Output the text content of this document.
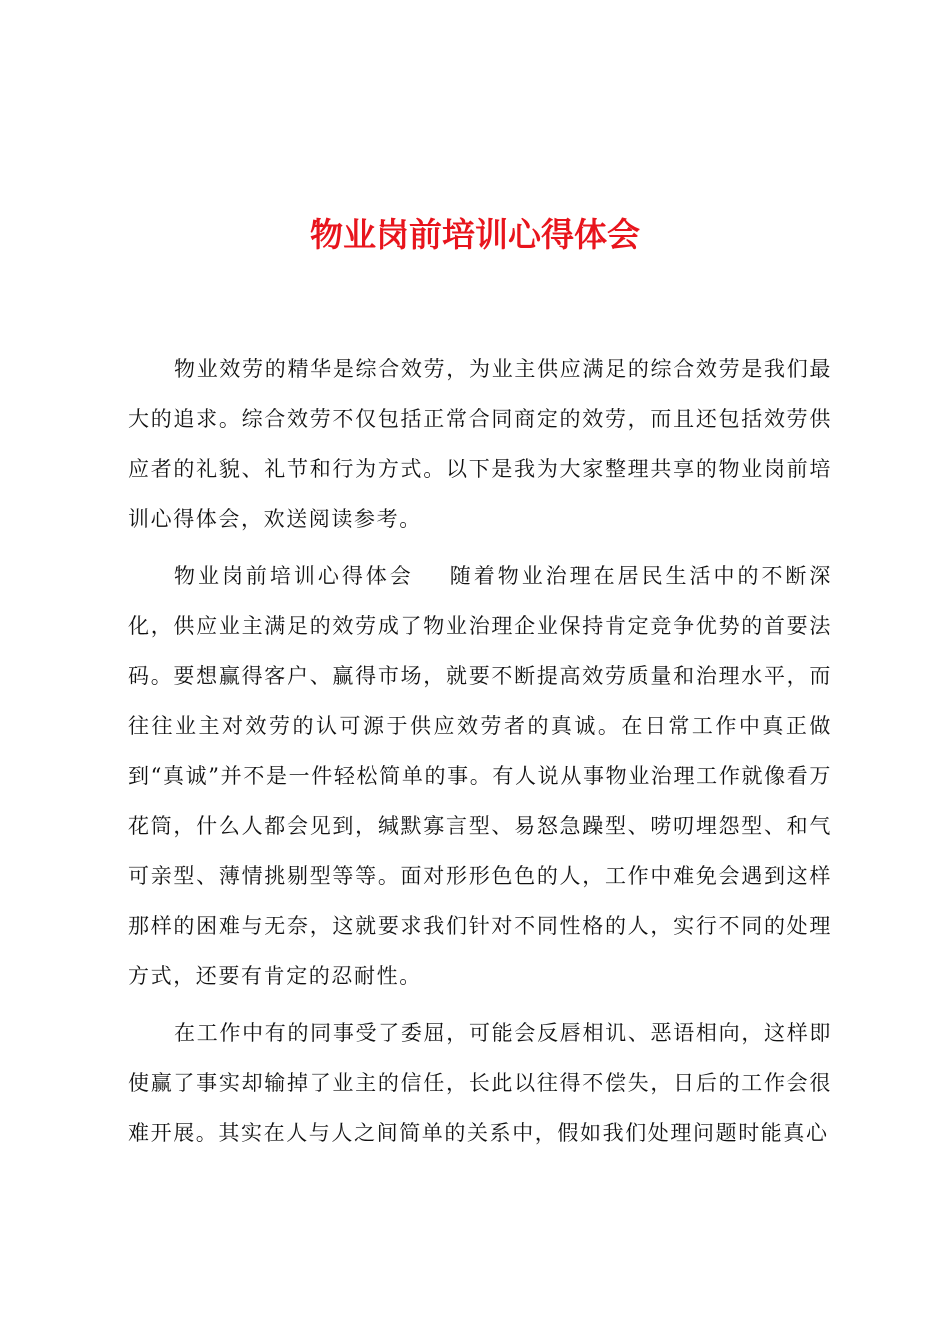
物业岗前培训心得体会

物业效劳的精华是综合效劳，为业主供应满足的综合效劳是我们最大的追求。综合效劳不仅包括正常合同商定的效劳，而且还包括效劳供应者的礼貌、礼节和行为方式。以下是我为大家整理共享的物业岗前培训心得体会，欢送阅读参考。

物业岗前培训心得体会 随着物业治理在居民生活中的不断深化，供应业主满足的效劳成了物业治理企业保持肯定竞争优势的首要法码。要想赢得客户、赢得市场，就要不断提高效劳质量和治理水平，而往往业主对效劳的认可源于供应效劳者的真诚。在日常工作中真正做到“真诚”并不是一件轻松简单的事。有人说从事物业治理工作就像看万花筒，什么人都会见到，缄默寡言型、易怒急躁型、唠叨埋怨型、和气可亲型、薄情挑剔型等等。面对形形色色的人，工作中难免会遇到这样那样的困难与无奈，这就要求我们针对不同性格的人，实行不同的处理方式，还要有肯定的忍耐性。

在工作中有的同事受了委屈，可能会反唇相讥、恶语相向，这样即使赢了事实却输掉了业主的信任，长此以往得不偿失，日后的工作会很难开展。其实在人与人之间简单的关系中，假如我们处理问题时能真心
